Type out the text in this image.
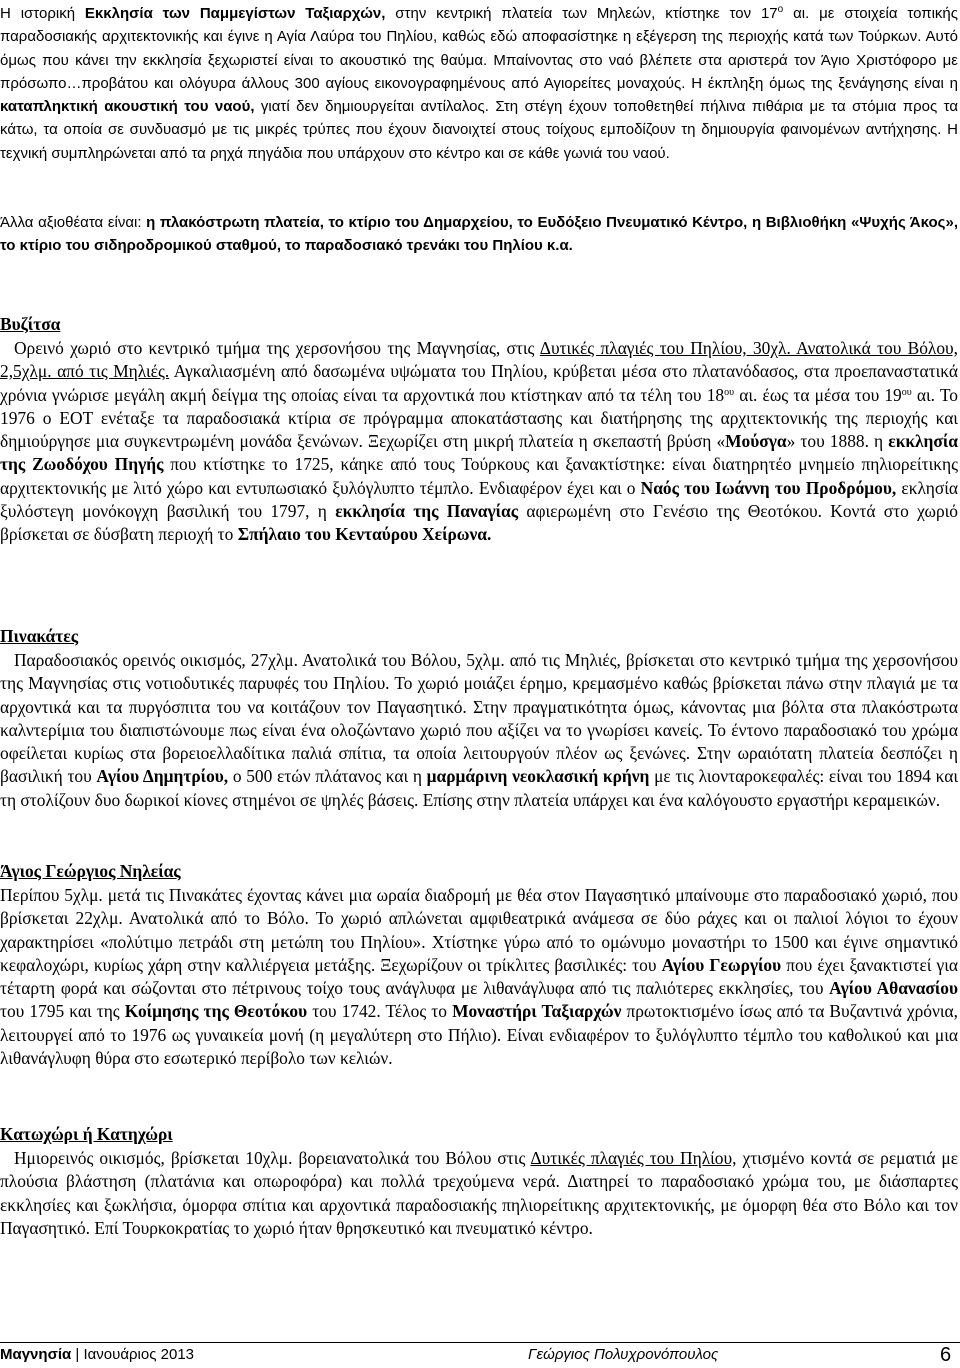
Η ιστορική Εκκλησία των Παμμεγίστων Ταξιαρχών, στην κεντρική πλατεία των Μηλεών, κτίστηκε τον $17^o$ αι. με στοιχεία τοπικής παραδοσιακής αρχιτεκτονικής και έγινε η Αγία Λαύρα του Πηλίου, καθώς εδώ αποφασίστηκε η εξέγερση της περιοχής κατά των Τούρκων. Αυτό όμως που κάνει την εκκλησία ξεχωριστεί είναι το ακουστικό της θαύμα. Μπαίνοντας στο ναό βλέπετε στα αριστερά τον Άγιο Χριστόφορο με πρόσωπο…προβάτου και ολόγυρα άλλους 300 αγίους εικονογραφημένους από Αγιορείτες μοναχούς. Η έκπληξη όμως της ξενάγησης είναι η καταπληκτική ακουστική του ναού, γιατί δεν δημιουργείται αντίλαλος. Στη στέγη έχουν τοποθετηθεί πήλινα πιθάρια με τα στόμια προς τα κάτω, τα οποία σε συνδυασμό με τις μικρές τρύπες που έχουν διανοιχτεί στους τοίχους εμποδίζουν τη δημιουργία φαινομένων αντήχησης. Η τεχνική συμπληρώνεται από τα ρηχά πηγάδια που υπάρχουν στο κέντρο και σε κάθε γωνιά του ναού.

Άλλα αξιοθέατα είναι: η πλακόστρωτη πλατεία, το κτίριο του Δημαρχείου, το Ευδόξειο Πνευματικό Κέντρο, η Βιβλιοθήκη «Ψυχής Άκος», το κτίριο του σιδηροδρομικού σταθμού, το παραδοσιακό τρενάκι του Πηλίου κ.α.

Βυζίτσα

Ορεινό χωριό στο κεντρικό τμήμα της χερσονήσου της Μαγνησίας, στις Δυτικές πλαγιές του Πηλίου, 30χλ. Ανατολικά του Βόλου, 2,5χλμ. από τις Μηλιές. Αγκαλιασμένη από δασωμένα υψώματα του Πηλίου, κρύβεται μέσα στο πλατανόδασος, στα προεπαναστατικά χρόνια γνώρισε μεγάλη ακμή δείγμα της οποίας είναι τα αρχοντικά που κτίστηκαν από τα τέλη του $18^{o\upsilon}$ αι. έως τα μέσα του $19^{o\upsilon}$ αι. Το 1976 ο ΕΟΤ ενέταξε τα παραδοσιακά κτίρια σε πρόγραμμα αποκατάστασης και διατήρησης της αρχιτεκτονικής της περιοχής και δημιούργησε μια συγκεντρωμένη μονάδα ξενώνων. Ξεχωρίζει στη μικρή πλατεία η σκεπαστή βρύση «Μούσγα» του 1888. η εκκλησία της Ζωοδόχου Πηγής που κτίστηκε το 1725, κάηκε από τους Τούρκους και ξανακτίστηκε: είναι διατηρητέο μνημείο πηλιορείτικης αρχιτεκτονικής με λιτό χώρο και εντυπωσιακό ξυλόγλυπτο τέμπλο. Ενδιαφέρον έχει και ο Ναός του Ιωάννη του Προδρόμου, εκλησία ξυλόστεγη μονόκογχη βασιλική του 1797, η εκκλησία της Παναγίας αφιερωμένη στο Γενέσιο της Θεοτόκου. Κοντά στο χωριό βρίσκεται σε δύσβατη περιοχή το Σπήλαιο του Κενταύρου Χείρωνα.

Πινακάτες

Παραδοσιακός ορεινός οικισμός, 27χλμ. Ανατολικά του Βόλου, 5χλμ. από τις Μηλιές, βρίσκεται στο κεντρικό τμήμα της χερσονήσου της Μαγνησίας στις νοτιοδυτικές παρυφές του Πηλίου. Το χωριό μοιάζει έρημο, κρεμασμένο καθώς βρίσκεται πάνω στην πλαγιά με τα αρχοντικά και τα πυργόσπιτα του να κοιτάζουν τον Παγασητικό. Στην πραγματικότητα όμως, κάνοντας μια βόλτα στα πλακόστρωτα καλντερίμια του διαπιστώνουμε πως είναι ένα ολοζώντανο χωριό που αξίζει να το γνωρίσει κανείς. Το έντονο παραδοσιακό του χρώμα οφείλεται κυρίως στα βορειοελλαδίτικα παλιά σπίτια, τα οποία λειτουργούν πλέον ως ξενώνες. Στην ωραιότατη πλατεία δεσπόζει η βασιλική του Αγίου Δημητρίου, ο 500 ετών πλάτανος και η μαρμάρινη νεοκλασική κρήνη με τις λιονταροκεφαλές: είναι του 1894 και τη στολίζουν δυο δωρικοί κίονες στημένοι σε ψηλές βάσεις. Επίσης στην πλατεία υπάρχει και ένα καλόγουστο εργαστήρι κεραμεικών.

Άγιος Γεώργιος Νηλείας

Περίπου 5χλμ. μετά τις Πινακάτες έχοντας κάνει μια ωραία διαδρομή με θέα στον Παγασητικό μπαίνουμε στο παραδοσιακό χωριό, που βρίσκεται 22χλμ. Ανατολικά από το Βόλο. Το χωριό απλώνεται αμφιθεατρικά ανάμεσα σε δύο ράχες και οι παλιοί λόγιοι το έχουν χαρακτηρίσει «πολύτιμο πετράδι στη μετώπη του Πηλίου». Χτίστηκε γύρω από το ομώνυμο μοναστήρι το 1500 και έγινε σημαντικό κεφαλοχώρι, κυρίως χάρη στην καλλιέργεια μετάξης. Ξεχωρίζουν οι τρίκλιτες βασιλικές: του Αγίου Γεωργίου που έχει ξανακτιστεί για τέταρτη φορά και σώζονται στο πέτρινους τοίχο τους ανάγλυφα με λιθανάγλυφα από τις παλιότερες εκκλησίες, του Αγίου Αθανασίου του 1795 και της Κοίμησης της Θεοτόκου του 1742. Τέλος το Μοναστήρι Ταξιαρχών πρωτοκτισμένο ίσως από τα Βυζαντινά χρόνια, λειτουργεί από το 1976 ως γυναικεία μονή (η μεγαλύτερη στο Πήλιο). Είναι ενδιαφέρον το ξυλόγλυπτο τέμπλο του καθολικού και μια λιθανάγλυφη θύρα στο εσωτερικό περίβολο των κελιών.

Κατωχώρι ή Κατηχώρι

Ημιορεινός οικισμός, βρίσκεται 10χλμ. βορειανατολικά του Βόλου στις Δυτικές πλαγιές του Πηλίου, χτισμένο κοντά σε ρεματιά με πλούσια βλάστηση (πλατάνια και οπωροφόρα) και πολλά τρεχούμενα νερά. Διατηρεί το παραδοσιακό χρώμα του, με διάσπαρτες εκκλησίες και ξωκλήσια, όμορφα σπίτια και αρχοντικά παραδοσιακής πηλιορείτικης αρχιτεκτονικής, με όμορφη θέα στο Βόλο και τον Παγασητικό. Επί Τουρκοκρατίας το χωριό ήταν θρησκευτικό και πνευματικό κέντρο.

Μαγνησία | Ιανουάριος 2013	Γεώργιος Πολυχρονόπουλος	6
